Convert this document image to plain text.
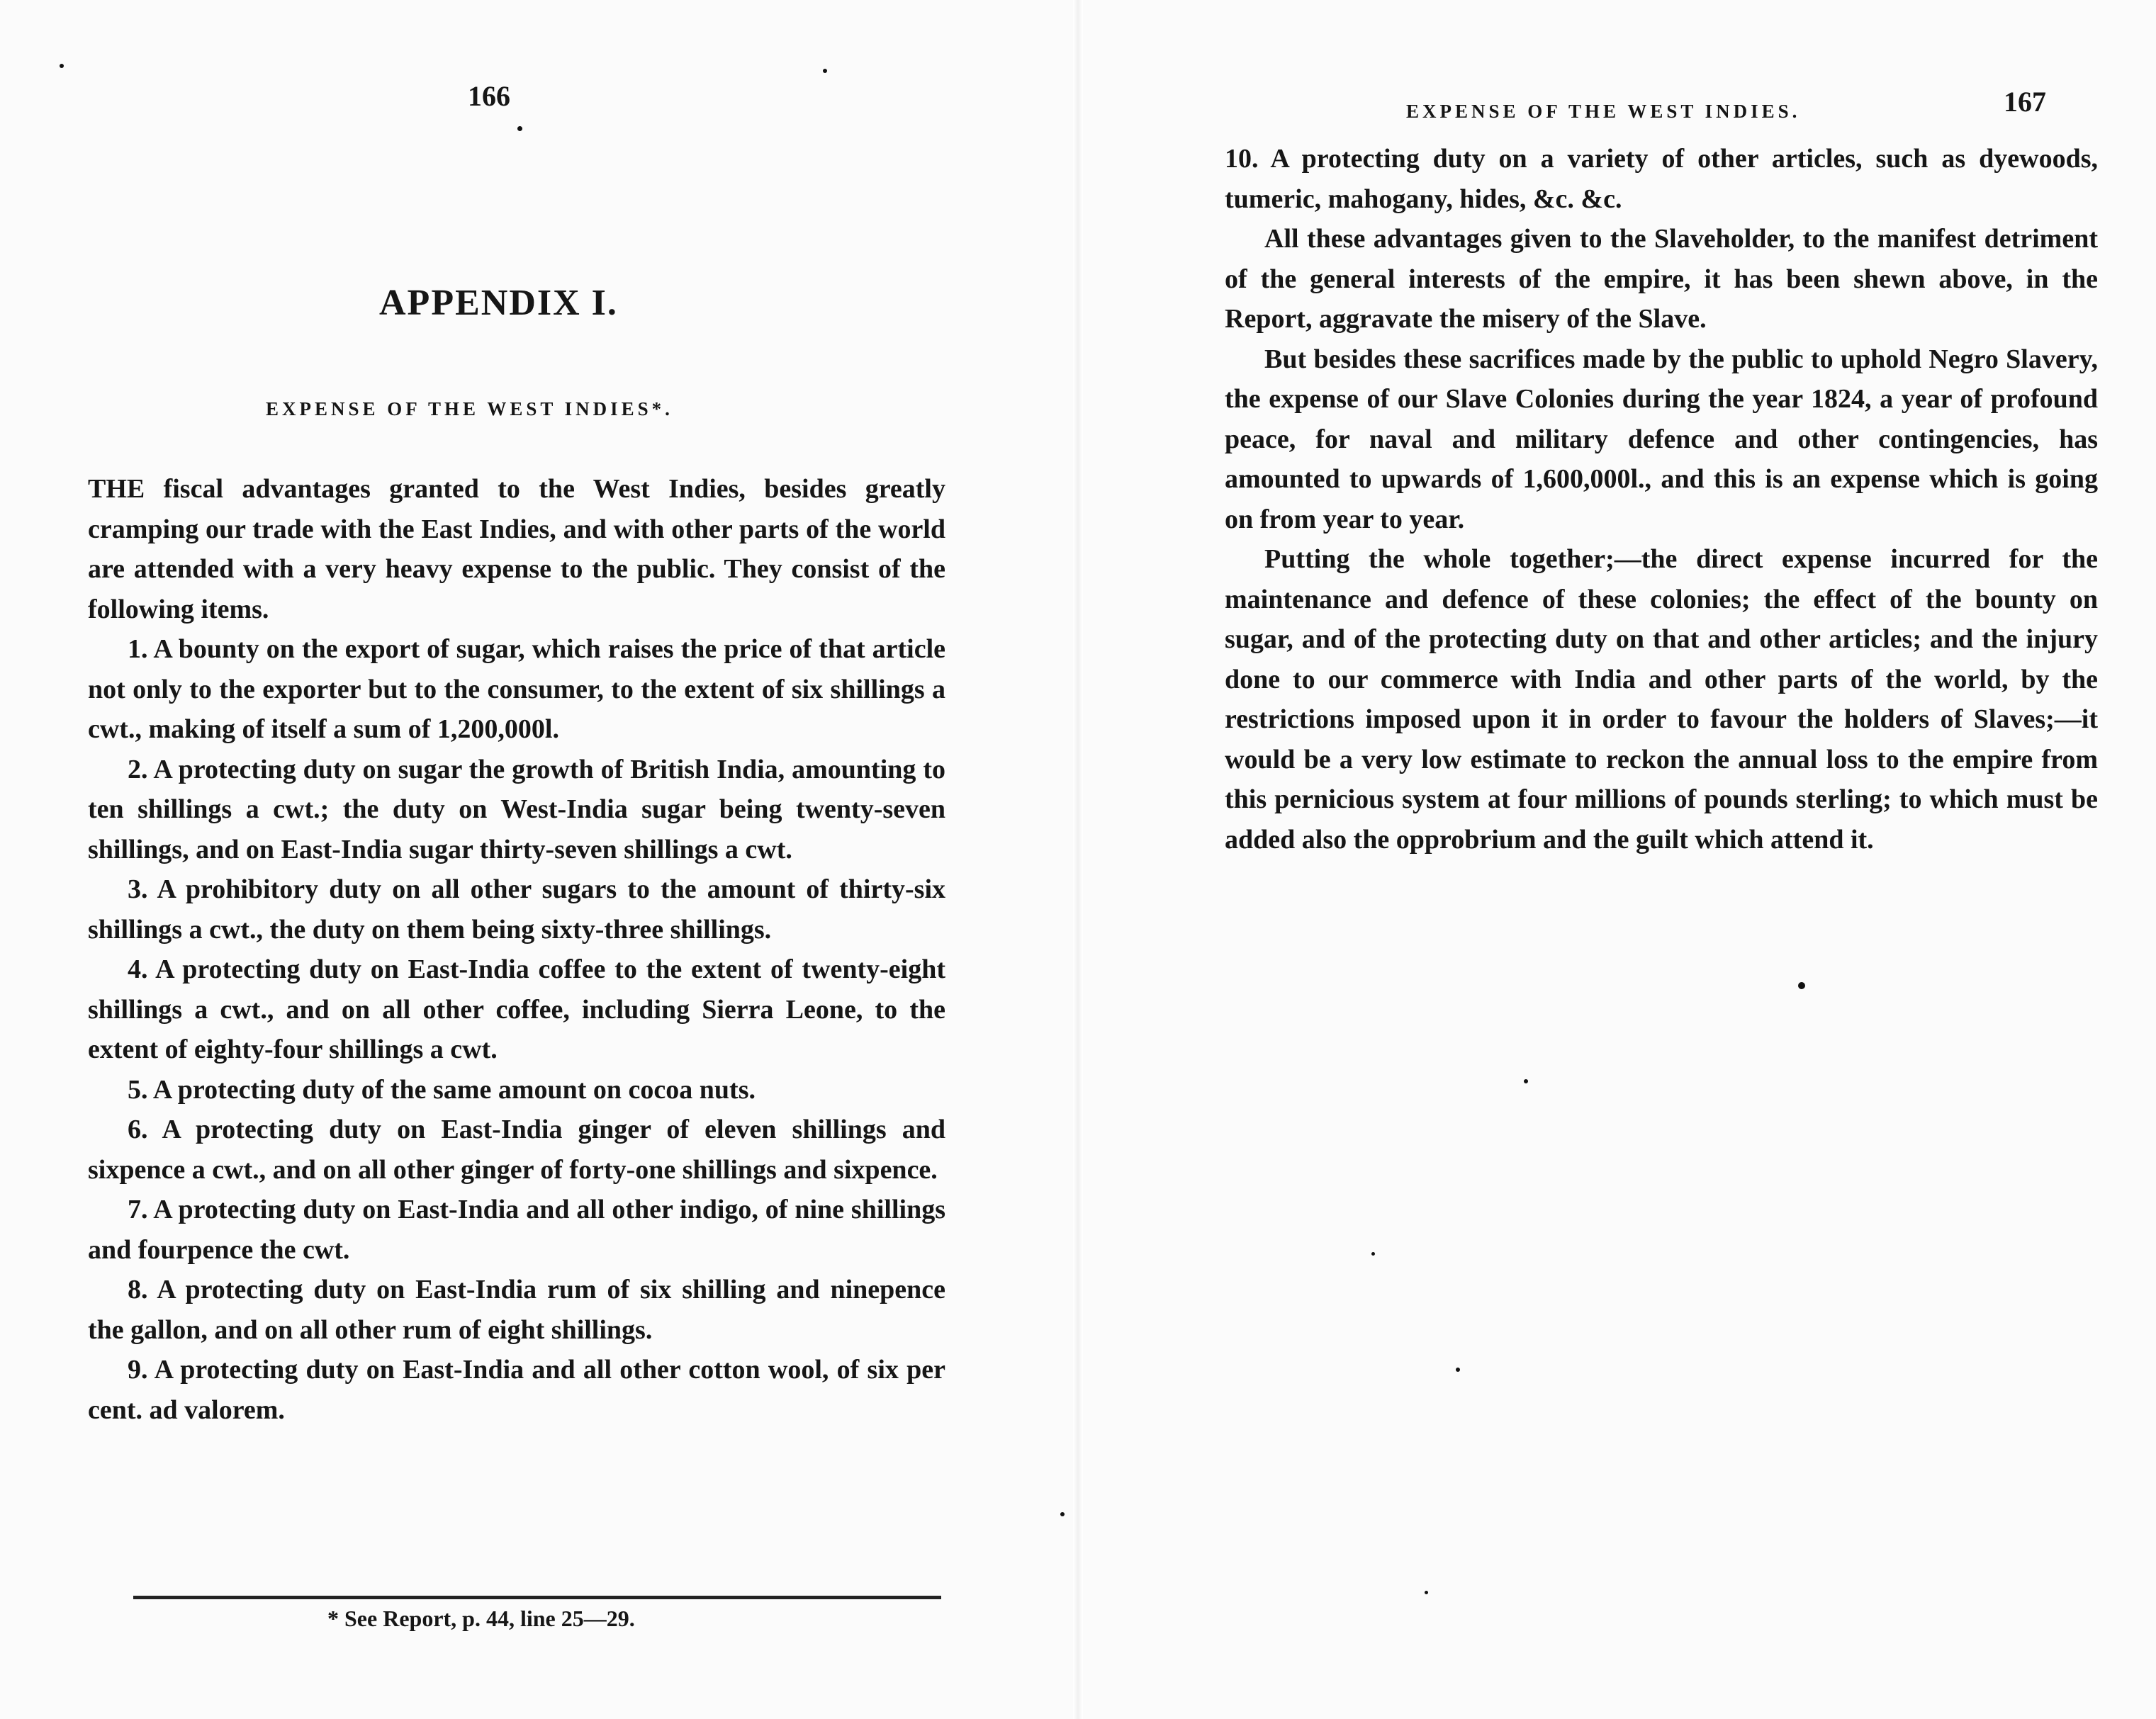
166
APPENDIX I.
EXPENSE OF THE WEST INDIES*.

THE fiscal advantages granted to the West Indies, besides greatly cramping our trade with the East Indies, and with other parts of the world are attended with a very heavy expense to the public. They consist of the following items.

1. A bounty on the export of sugar, which raises the price of that article not only to the exporter but to the consumer, to the extent of six shillings a cwt., making of itself a sum of 1,200,000l.

2. A protecting duty on sugar the growth of British India, amounting to ten shillings a cwt.; the duty on West-India sugar being twenty-seven shillings, and on East-India sugar thirty-seven shillings a cwt.

3. A prohibitory duty on all other sugars to the amount of thirty-six shillings a cwt., the duty on them being sixty-three shillings.

4. A protecting duty on East-India coffee to the extent of twenty-eight shillings a cwt., and on all other coffee, including Sierra Leone, to the extent of eighty-four shillings a cwt.

5. A protecting duty of the same amount on cocoa nuts.

6. A protecting duty on East-India ginger of eleven shillings and sixpence a cwt., and on all other ginger of forty-one shillings and sixpence.

7. A protecting duty on East-India and all other indigo, of nine shillings and fourpence the cwt.

8. A protecting duty on East-India rum of six shilling and ninepence the gallon, and on all other rum of eight shillings.

9. A protecting duty on East-India and all other cotton wool, of six per cent. ad valorem.

* See Report, p. 44, line 25—29.
EXPENSE OF THE WEST INDIES.	167

10. A protecting duty on a variety of other articles, such as dyewoods, tumeric, mahogany, hides, &c. &c.

All these advantages given to the Slaveholder, to the manifest detriment of the general interests of the empire, it has been shewn above, in the Report, aggravate the misery of the Slave.

But besides these sacrifices made by the public to uphold Negro Slavery, the expense of our Slave Colonies during the year 1824, a year of profound peace, for naval and military defence and other contingencies, has amounted to upwards of 1,600,000l., and this is an expense which is going on from year to year.

Putting the whole together;—the direct expense incurred for the maintenance and defence of these colonies; the effect of the bounty on sugar, and of the protecting duty on that and other articles; and the injury done to our commerce with India and other parts of the world, by the restrictions imposed upon it in order to favour the holders of Slaves;—it would be a very low estimate to reckon the annual loss to the empire from this pernicious system at four millions of pounds sterling; to which must be added also the opprobrium and the guilt which attend it.
